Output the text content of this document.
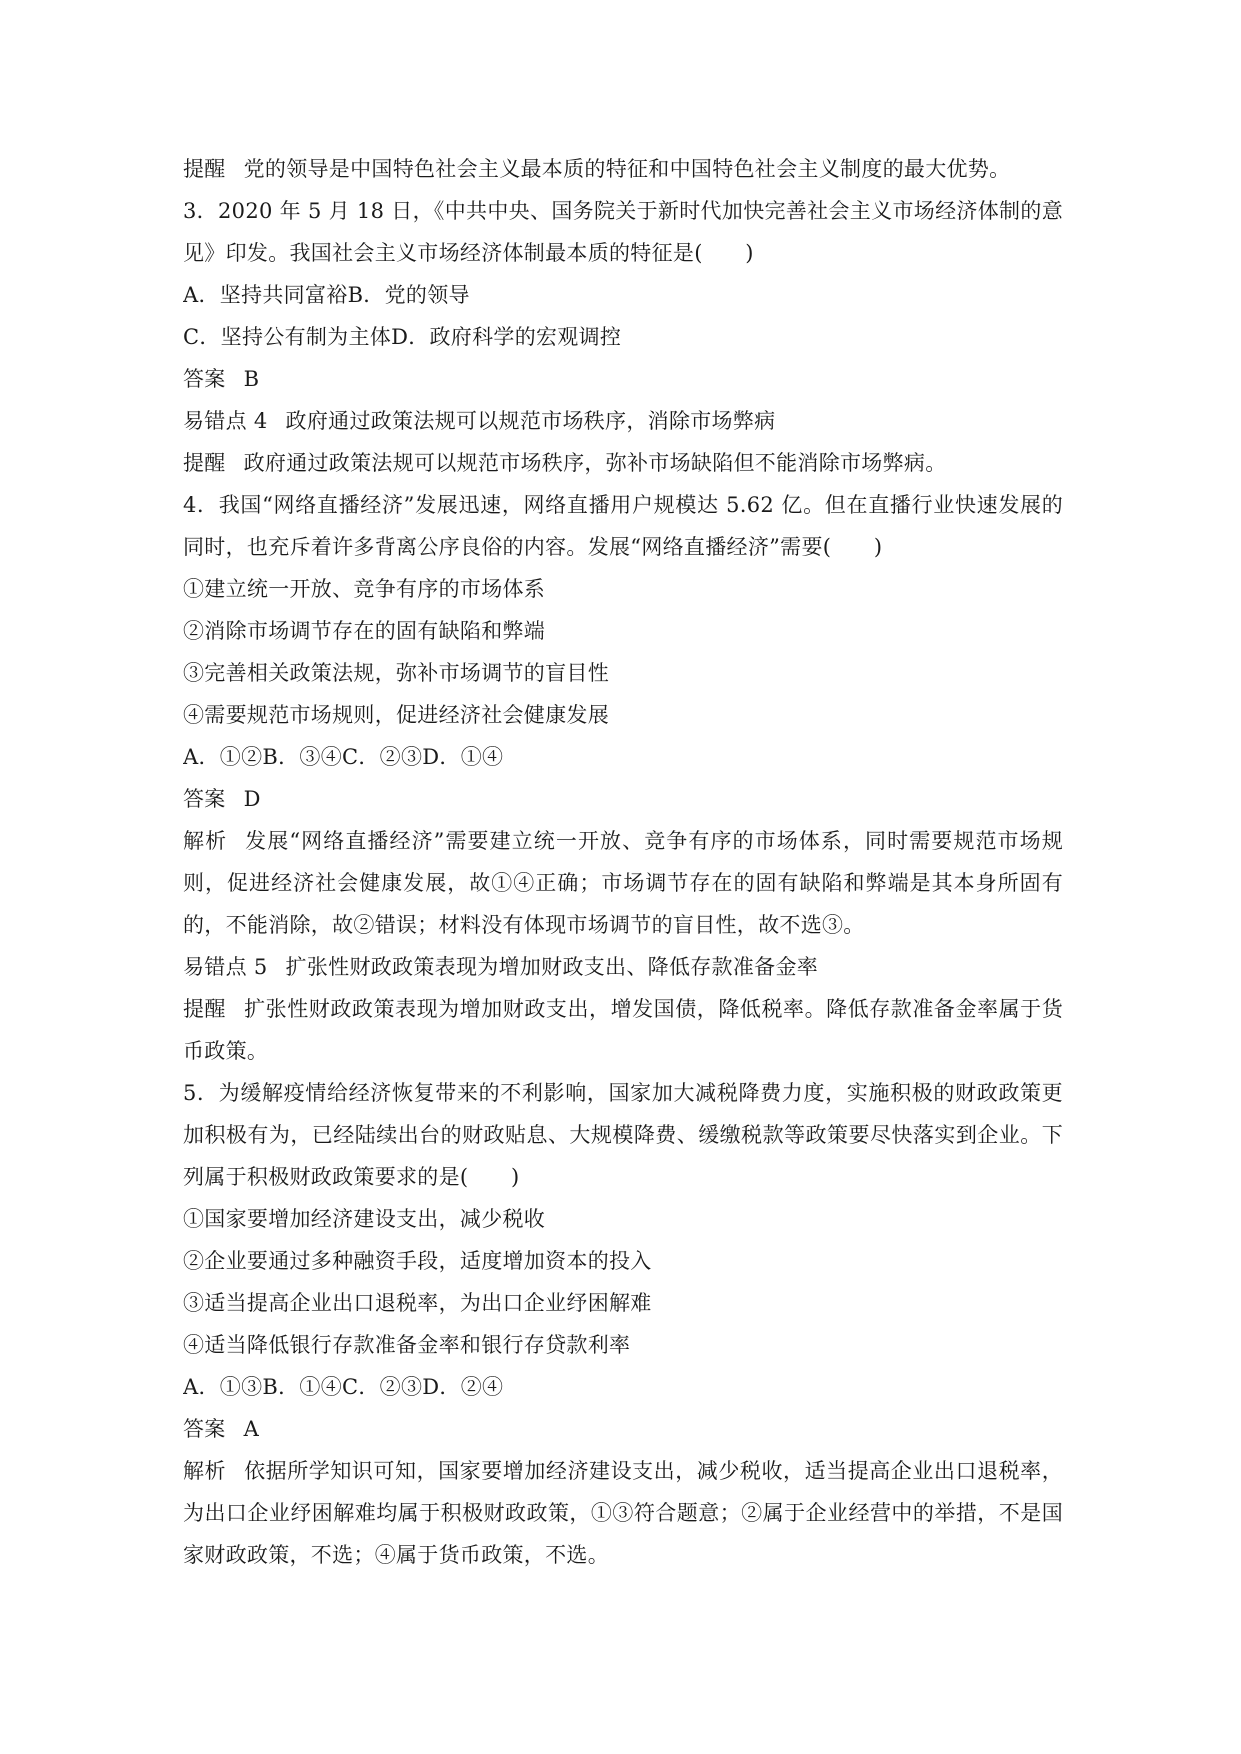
提醒 党的领导是中国特色社会主义最本质的特征和中国特色社会主义制度的最大优势。
3．2020 年 5 月 18 日，《中共中央、国务院关于新时代加快完善社会主义市场经济体制的意见》印发。我国社会主义市场经济体制最本质的特征是(　　)
A．坚持共同富裕B．党的领导
C．坚持公有制为主体D．政府科学的宏观调控
答案 B
易错点 4 政府通过政策法规可以规范市场秩序，消除市场弊病
提醒 政府通过政策法规可以规范市场秩序，弥补市场缺陷但不能消除市场弊病。
4．我国“网络直播经济”发展迅速，网络直播用户规模达 5.62 亿。但在直播行业快速发展的同时，也充斥着许多背离公序良俗的内容。发展“网络直播经济”需要(　　)
①建立统一开放、竞争有序的市场体系
②消除市场调节存在的固有缺陷和弊端
③完善相关政策法规，弥补市场调节的盲目性
④需要规范市场规则，促进经济社会健康发展
A．①②B．③④C．②③D．①④
答案 D
解析 发展“网络直播经济”需要建立统一开放、竞争有序的市场体系，同时需要规范市场规则，促进经济社会健康发展，故①④正确；市场调节存在的固有缺陷和弊端是其本身所固有的，不能消除，故②错误；材料没有体现市场调节的盲目性，故不选③。
易错点 5 扩张性财政政策表现为增加财政支出、降低存款准备金率
提醒 扩张性财政政策表现为增加财政支出，增发国债，降低税率。降低存款准备金率属于货币政策。
5．为缓解疫情给经济恢复带来的不利影响，国家加大减税降费力度，实施积极的财政政策更加积极有为，已经陆续出台的财政贴息、大规模降费、缓缴税款等政策要尽快落实到企业。下列属于积极财政政策要求的是(　　)
①国家要增加经济建设支出，减少税收
②企业要通过多种融资手段，适度增加资本的投入
③适当提高企业出口退税率，为出口企业纾困解难
④适当降低银行存款准备金率和银行存贷款利率
A．①③B．①④C．②③D．②④
答案 A
解析 依据所学知识可知，国家要增加经济建设支出，减少税收，适当提高企业出口退税率，为出口企业纾困解难均属于积极财政政策，①③符合题意；②属于企业经营中的举措，不是国家财政政策，不选；④属于货币政策，不选。
